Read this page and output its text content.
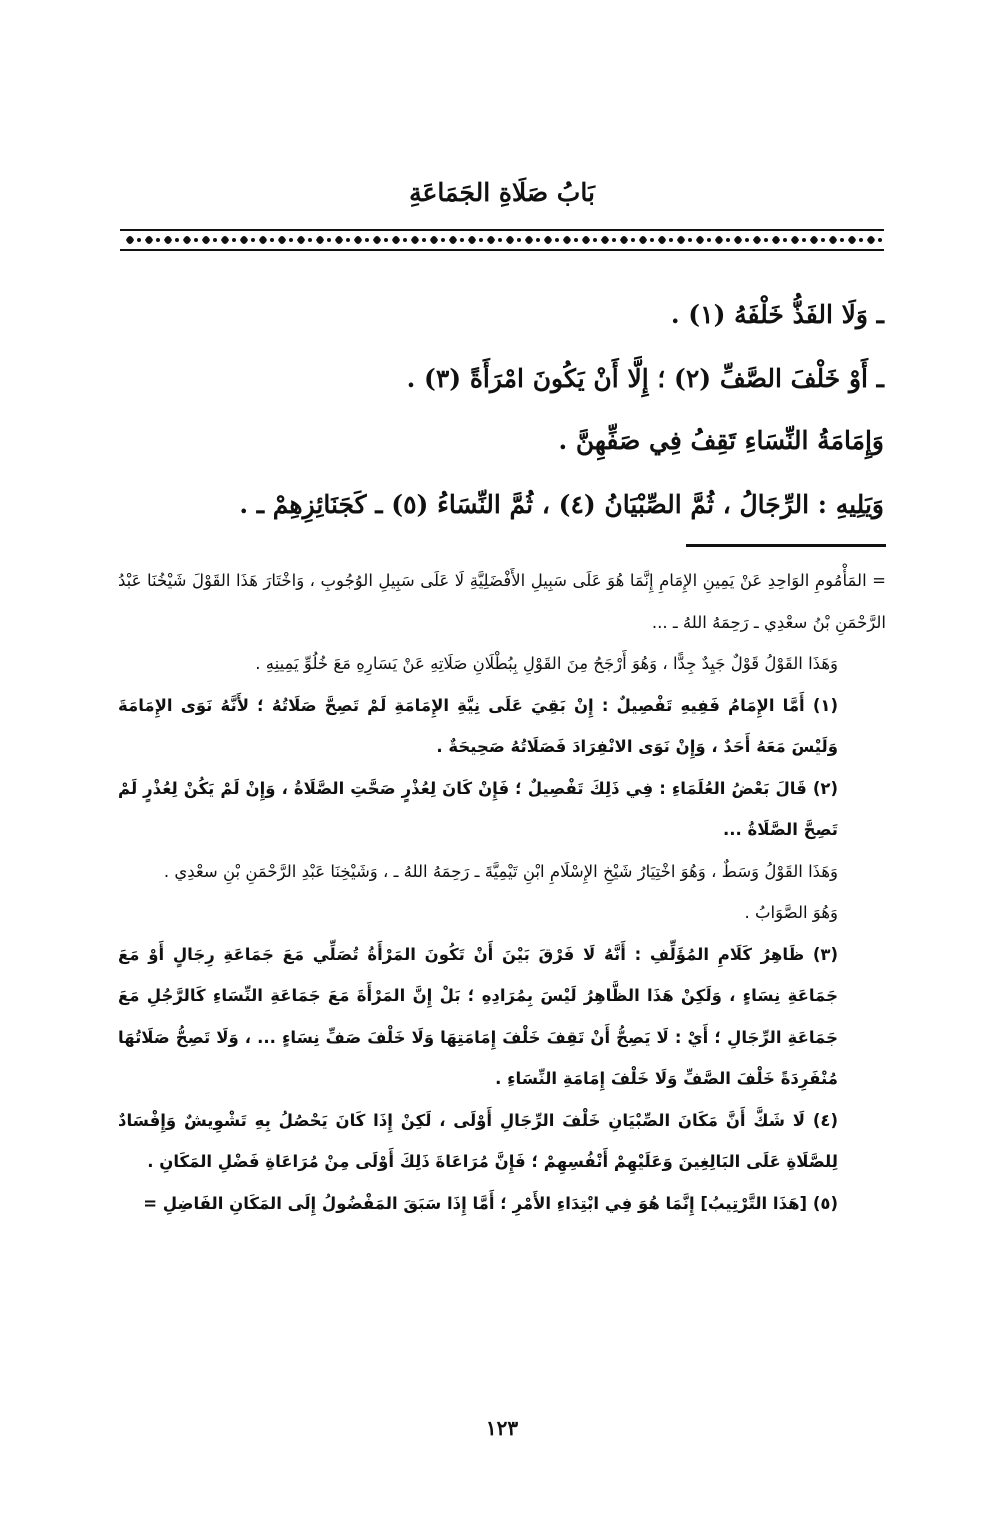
بَابُ صَلَاةِ الجَمَاعَةِ
ـ وَلَا الفَذُّ خَلْفَهُ (١) .
ـ أَوْ خَلْفَ الصَّفِّ (٢) ؛ إِلَّا أَنْ يَكُونَ امْرَأَةً (٣) .
وَإِمَامَةُ النِّسَاءِ تَقِفُ فِي صَفِّهِنَّ .
وَيَلِيهِ : الرِّجَالُ ، ثُمَّ الصِّبْيَانُ (٤) ، ثُمَّ النِّسَاءُ (٥) ـ كَجَنَائِزِهِمْ ـ .

= المَأْمُومِ الوَاحِدِ عَنْ يَمِينِ الإِمَامِ إِنَّمَا هُوَ عَلَى سَبِيلِ الأَفْضَلِيَّةِ لَا عَلَى سَبِيلِ الوُجُوبِ ، وَاخْتَارَ هَذَا القَوْلَ شَيْخُنَا عَبْدُ الرَّحْمَنِ بْنُ سعْدِي ـ رَحِمَهُ اللهُ ـ ...

وَهَذَا القَوْلُ قَوْلٌ جَيِدٌ جِدًّا ، وَهُوَ أَرْجَحُ مِنَ القَوْلِ بِبُطْلَانِ صَلَاتِهِ عَنْ يَسَارِهِ مَعَ خُلُوِّ يَمِينِهِ .

(١) أَمَّا الإِمَامُ فَفِيهِ تَفْصِيلٌ : إِنْ بَقِيَ عَلَى نِيَّةِ الإِمَامَةِ لَمْ تَصِحَّ صَلَاتُهُ ؛ لأَنَّهُ نَوَى الإِمَامَةَ وَلَيْسَ مَعَهُ أَحَدٌ ، وَإِنْ نَوَى الانْفِرَادَ فَصَلَاتُهُ صَحِيحَةٌ .

(٢) قَالَ بَعْضُ العُلَمَاءِ : فِي ذَلِكَ تَفْصِيلٌ ؛ فَإِنْ كَانَ لِعُذْرٍ صَحَّتِ الصَّلَاةُ ، وَإِنْ لَمْ يَكُنْ لِعُذْرٍ لَمْ تَصِحَّ الصَّلَاةُ ...

وَهَذَا القَوْلُ وَسَطٌ ، وَهُوَ اخْتِيَارُ شَيْخِ الإِسْلَامِ ابْنِ تَيْمِيَّةَ ـ رَحِمَهُ اللهُ ـ ، وَشَيْخِنَا عَبْدِ الرَّحْمَنِ بْنِ سعْدِي .

وَهُوَ الصَّوَابُ .

(٣) ظَاهِرُ كَلَامِ المُؤَلِّفِ : أَنَّهُ لَا فَرْقَ بَيْنَ أَنْ تَكُونَ المَرْأَةُ تُصَلِّي مَعَ جَمَاعَةِ رِجَالٍ أَوْ مَعَ جَمَاعَةِ نِسَاءٍ ، وَلَكِنْ هَذَا الظَّاهِرُ لَيْسَ بِمُرَادِهِ ؛ بَلْ إِنَّ المَرْأَةَ مَعَ جَمَاعَةِ النِّسَاءِ كَالرَّجُلِ مَعَ جَمَاعَةِ الرِّجَالِ ؛ أَيْ : لَا يَصِحُّ أَنْ تَقِفَ خَلْفَ إِمَامَتِهَا وَلَا خَلْفَ صَفِّ نِسَاءٍ ... ، وَلَا تَصِحُّ صَلَاتُهَا مُنْفَرِدَةً خَلْفَ الصَّفِّ وَلَا خَلْفَ إِمَامَةِ النِّسَاءِ .

(٤) لَا شَكَّ أَنَّ مَكَانَ الصِّبْيَانِ خَلْفَ الرِّجَالِ أَوْلَى ، لَكِنْ إِذَا كَانَ يَحْصُلُ بِهِ تَشْوِيشٌ وَإِفْسَادٌ لِلصَّلَاةِ عَلَى البَالِغِينَ وَعَلَيْهِمْ أَنْفُسِهِمْ ؛ فَإِنَّ مُرَاعَاةَ ذَلِكَ أَوْلَى مِنْ مُرَاعَاةِ فَضْلِ المَكَانِ .

(٥) [هَذَا التَّرْتِيبُ] إِنَّمَا هُوَ فِي ابْتِدَاءِ الأَمْرِ ؛ أَمَّا إِذَا سَبَقَ المَفْضُولُ إِلَى المَكَانِ الفَاضِلِ =

١٢٣
